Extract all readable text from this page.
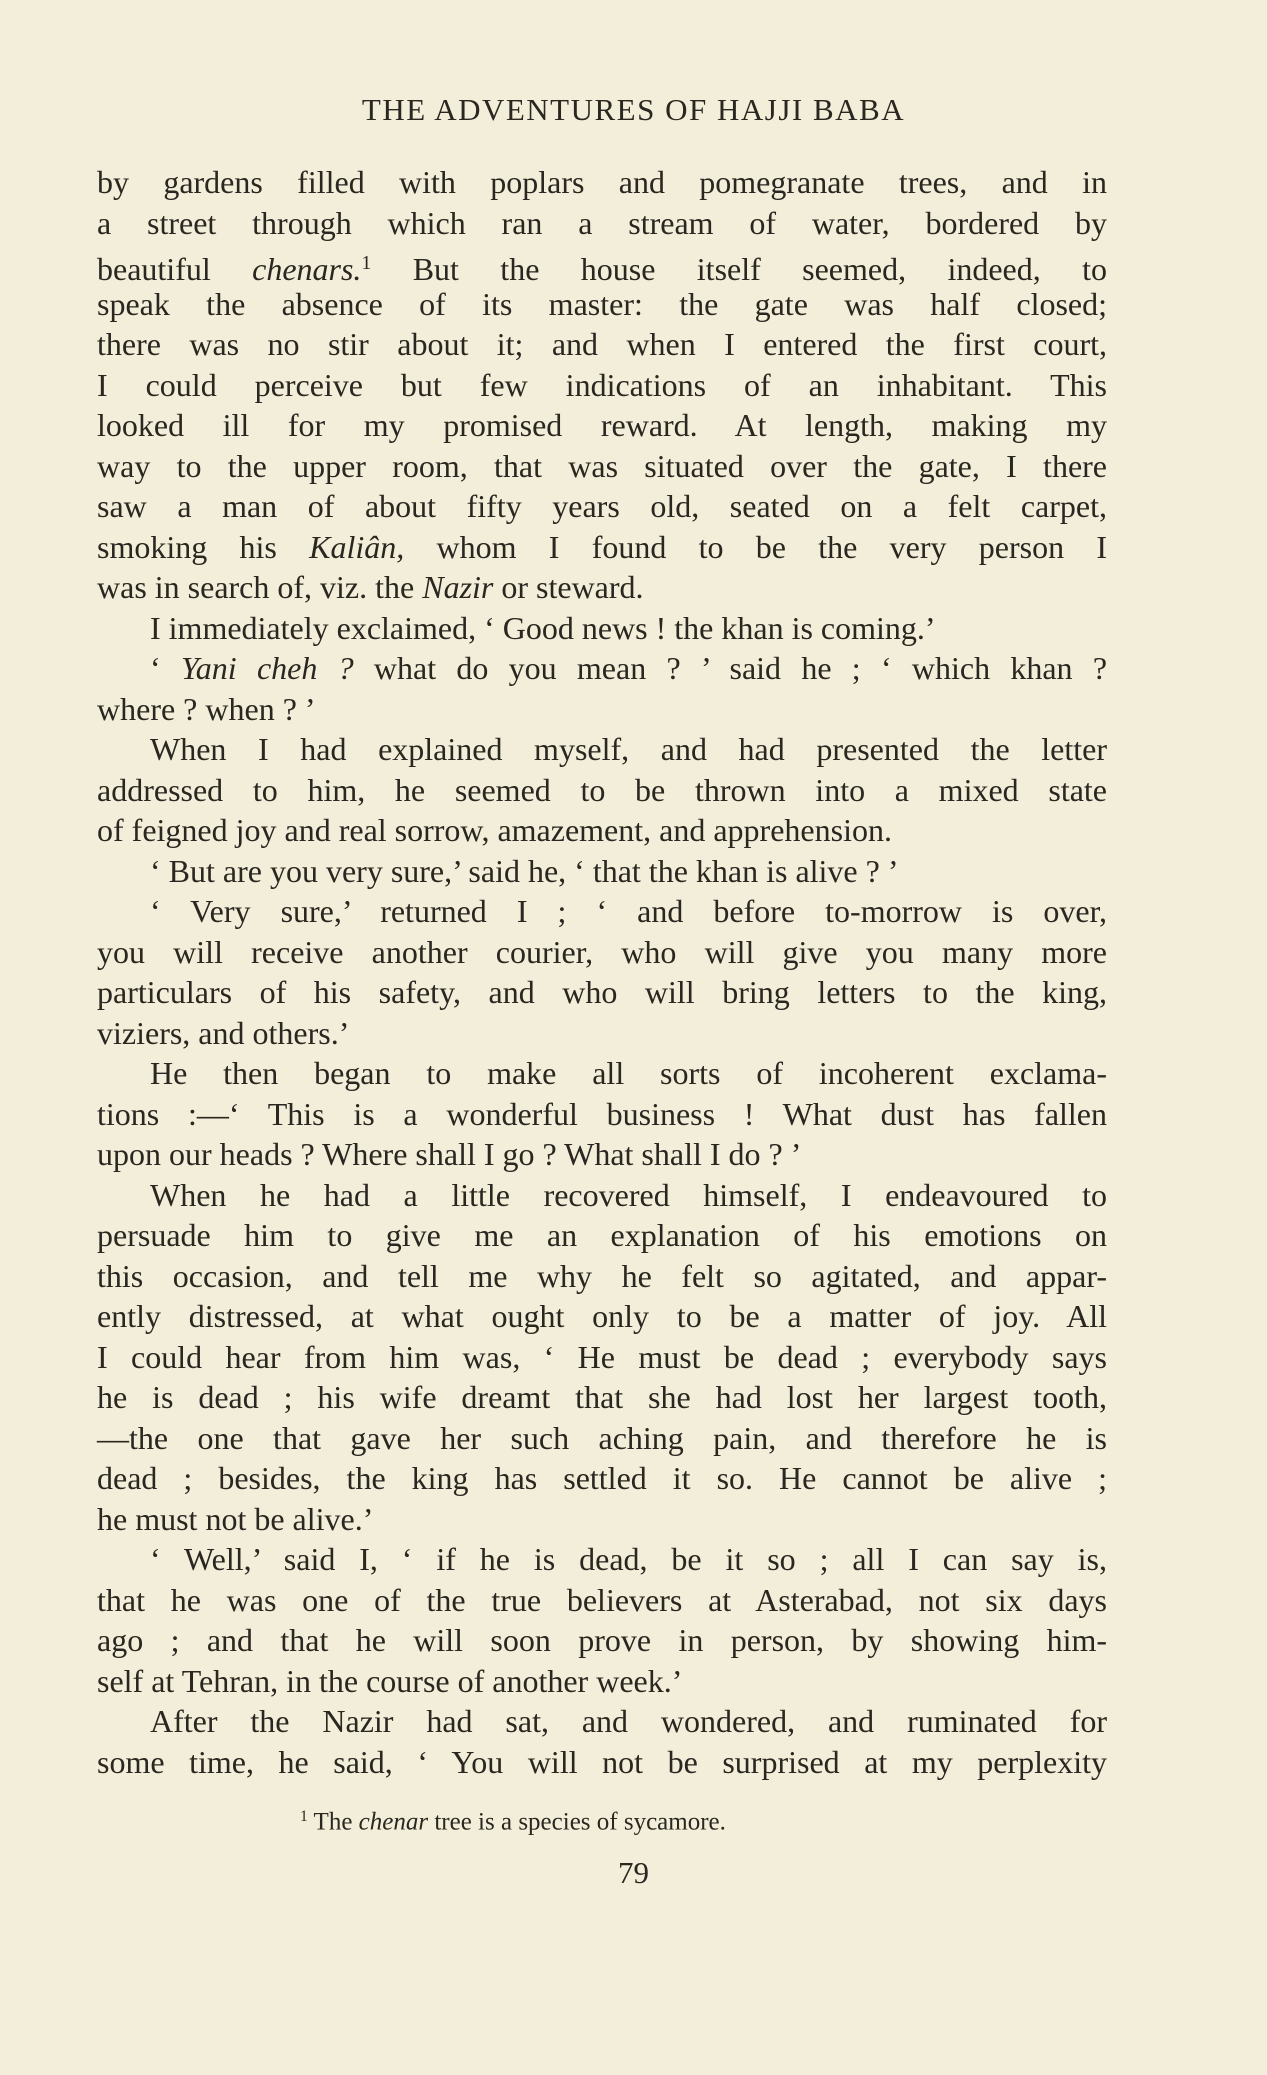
THE ADVENTURES OF HAJJI BABA
by gardens filled with poplars and pomegranate trees, and in
a street through which ran a stream of water, bordered by
beautiful chenars.$^1$ But the house itself seemed, indeed, to
speak the absence of its master: the gate was half closed;
there was no stir about it; and when I entered the first court,
I could perceive but few indications of an inhabitant. This
looked ill for my promised reward. At length, making my
way to the upper room, that was situated over the gate, I there
saw a man of about fifty years old, seated on a felt carpet,
smoking his Kaliân, whom I found to be the very person I
was in search of, viz. the Nazir or steward.
I immediately exclaimed, ‘ Good news ! the khan is coming.’
‘ Yani cheh ? what do you mean ? ’ said he ; ‘ which khan ?
where ? when ? ’
When I had explained myself, and had presented the letter
addressed to him, he seemed to be thrown into a mixed state
of feigned joy and real sorrow, amazement, and apprehension.
‘ But are you very sure,’ said he, ‘ that the khan is alive ? ’
‘ Very sure,’ returned I ; ‘ and before to-morrow is over,
you will receive another courier, who will give you many more
particulars of his safety, and who will bring letters to the king,
viziers, and others.’
He then began to make all sorts of incoherent exclama-
tions :—‘ This is a wonderful business ! What dust has fallen
upon our heads ? Where shall I go ? What shall I do ? ’
When he had a little recovered himself, I endeavoured to
persuade him to give me an explanation of his emotions on
this occasion, and tell me why he felt so agitated, and appar-
ently distressed, at what ought only to be a matter of joy. All
I could hear from him was, ‘ He must be dead ; everybody says
he is dead ; his wife dreamt that she had lost her largest tooth,
—the one that gave her such aching pain, and therefore he is
dead ; besides, the king has settled it so. He cannot be alive ;
he must not be alive.’
‘ Well,’ said I, ‘ if he is dead, be it so ; all I can say is,
that he was one of the true believers at Asterabad, not six days
ago ; and that he will soon prove in person, by showing him-
self at Tehran, in the course of another week.’
After the Nazir had sat, and wondered, and ruminated for
some time, he said, ‘ You will not be surprised at my perplexity
$^1$ The chenar tree is a species of sycamore.
79
